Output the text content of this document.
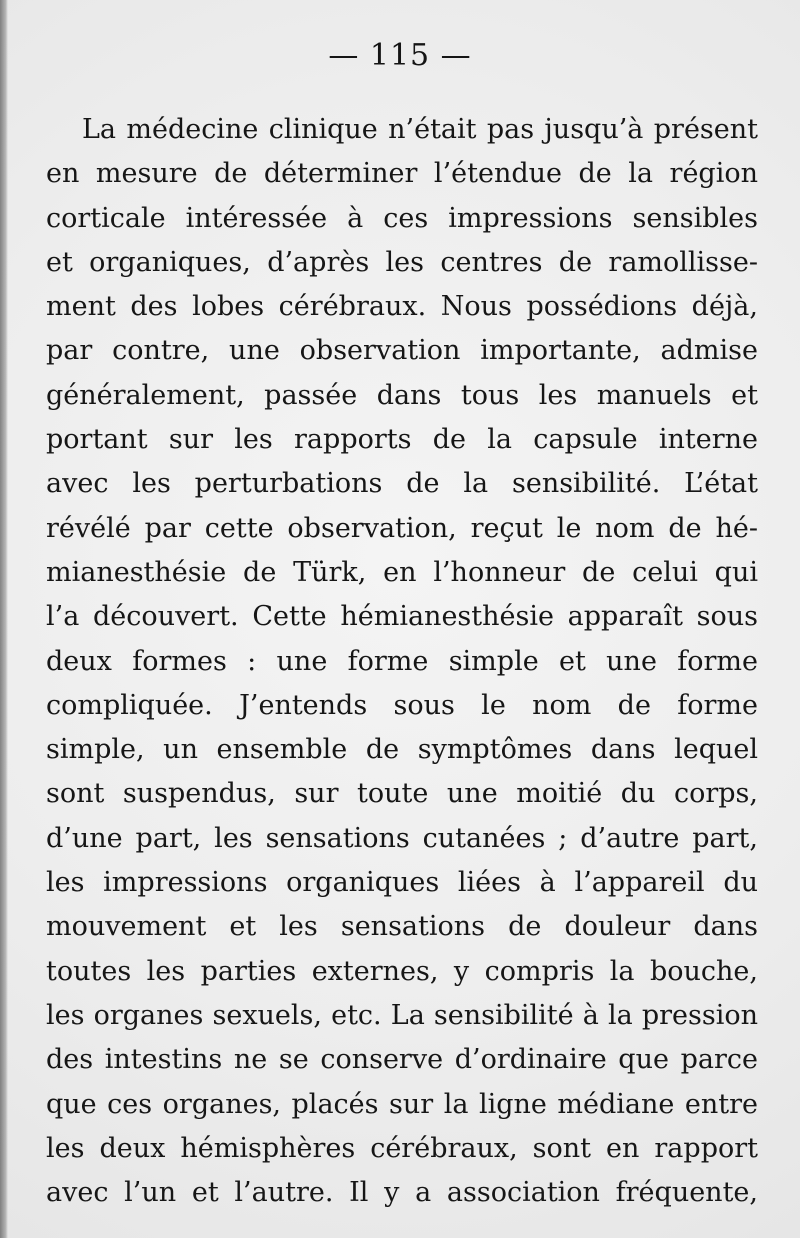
— 115 —
La médecine clinique n’était pas jusqu’à présent
en mesure de déterminer l’étendue de la région
corticale intéressée à ces impressions sensibles
et organiques, d’après les centres de ramollisse-
ment des lobes cérébraux. Nous possédions déjà,
par contre, une observation importante, admise
généralement, passée dans tous les manuels et
portant sur les rapports de la capsule interne
avec les perturbations de la sensibilité. L’état
révélé par cette observation, reçut le nom de hé-
mianesthésie de Türk, en l’honneur de celui qui
l’a découvert. Cette hémianesthésie apparaît sous
deux formes : une forme simple et une forme
compliquée. J’entends sous le nom de forme
simple, un ensemble de symptômes dans lequel
sont suspendus, sur toute une moitié du corps,
d’une part, les sensations cutanées ; d’autre part,
les impressions organiques liées à l’appareil du
mouvement et les sensations de douleur dans
toutes les parties externes, y compris la bouche,
les organes sexuels, etc. La sensibilité à la pression
des intestins ne se conserve d’ordinaire que parce
que ces organes, placés sur la ligne médiane entre
les deux hémisphères cérébraux, sont en rapport
avec l’un et l’autre. Il y a association fréquente,
